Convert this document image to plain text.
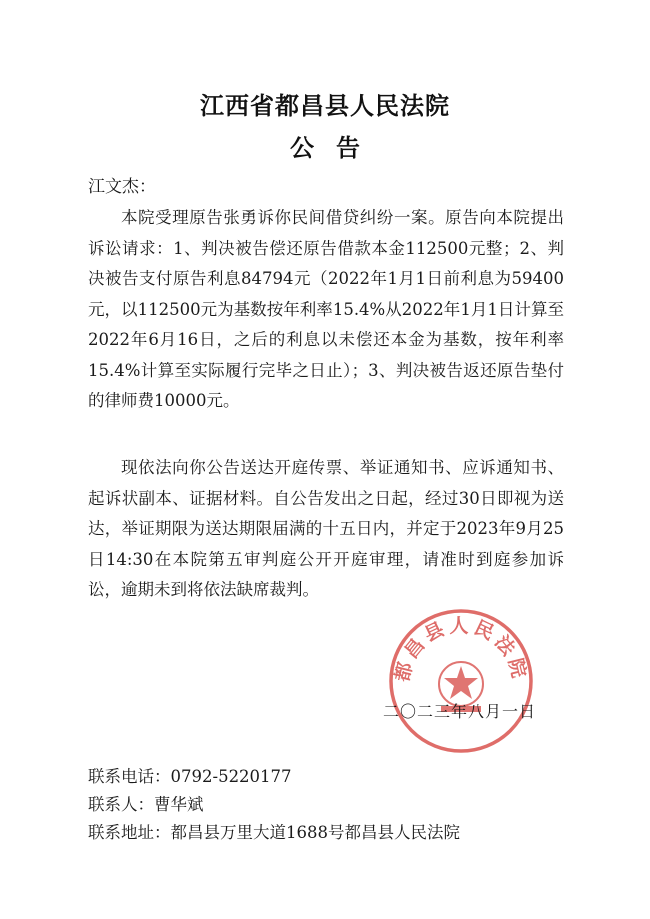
江西省都昌县人民法院
公告
江文杰：

本院受理原告张勇诉你民间借贷纠纷一案。原告向本院提出诉讼请求：1、判决被告偿还原告借款本金112500元整；2、判决被告支付原告利息84794元（2022年1月1日前利息为59400元，以112500元为基数按年利率15.4%从2022年1月1日计算至2022年6月16日，之后的利息以未偿还本金为基数，按年利率15.4%计算至实际履行完毕之日止）；3、判决被告返还原告垫付的律师费10000元。

现依法向你公告送达开庭传票、举证通知书、应诉通知书、起诉状副本、证据材料。自公告发出之日起，经过30日即视为送达，举证期限为送达期限届满的十五日内，并定于2023年9月25日14:30在本院第五审判庭公开开庭审理，请准时到庭参加诉讼，逾期未到将依法缺席裁判。

都昌县人民法院
二〇二三年八月一日
联系电话：0792-5220177
联系人：曹华斌
联系地址：都昌县万里大道1688号都昌县人民法院
